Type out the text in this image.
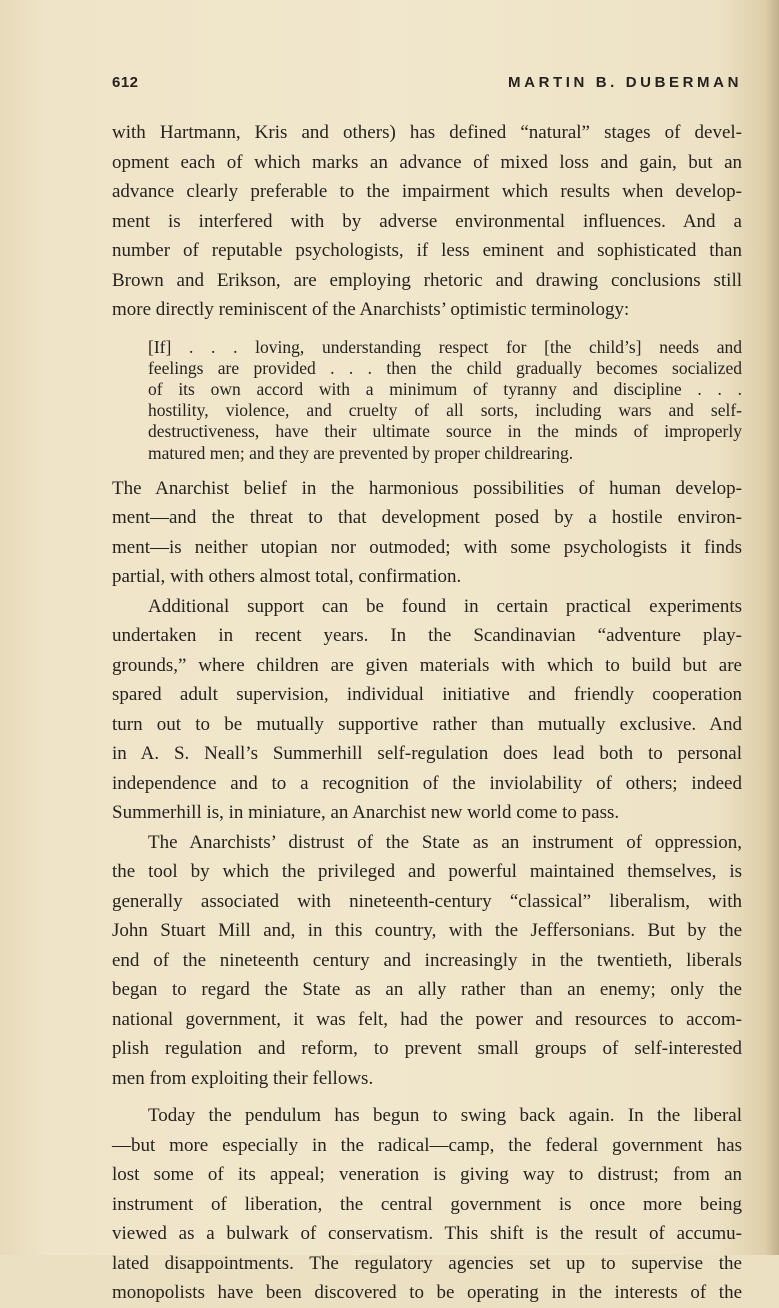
612	MARTIN B. DUBERMAN

with Hartmann, Kris and others) has defined “natural” stages of devel-
opment each of which marks an advance of mixed loss and gain, but an
advance clearly preferable to the impairment which results when develop-
ment is interfered with by adverse environmental influences. And a
number of reputable psychologists, if less eminent and sophisticated than
Brown and Erikson, are employing rhetoric and drawing conclusions still
more directly reminiscent of the Anarchists’ optimistic terminology:

[If] . . . loving, understanding respect for [the child’s] needs and
feelings are provided . . . then the child gradually becomes socialized
of its own accord with a minimum of tyranny and discipline . . .
hostility, violence, and cruelty of all sorts, including wars and self-
destructiveness, have their ultimate source in the minds of improperly
matured men; and they are prevented by proper childrearing.

The Anarchist belief in the harmonious possibilities of human develop-
ment—and the threat to that development posed by a hostile environ-
ment—is neither utopian nor outmoded; with some psychologists it finds
partial, with others almost total, confirmation.

Additional support can be found in certain practical experiments
undertaken in recent years. In the Scandinavian “adventure play-
grounds,” where children are given materials with which to build but are
spared adult supervision, individual initiative and friendly cooperation
turn out to be mutually supportive rather than mutually exclusive. And
in A. S. Neall’s Summerhill self-regulation does lead both to personal
independence and to a recognition of the inviolability of others; indeed
Summerhill is, in miniature, an Anarchist new world come to pass.

The Anarchists’ distrust of the State as an instrument of oppression,
the tool by which the privileged and powerful maintained themselves, is
generally associated with nineteenth-century “classical” liberalism, with
John Stuart Mill and, in this country, with the Jeffersonians. But by the
end of the nineteenth century and increasingly in the twentieth, liberals
began to regard the State as an ally rather than an enemy; only the
national government, it was felt, had the power and resources to accom-
plish regulation and reform, to prevent small groups of self-interested
men from exploiting their fellows.

Today the pendulum has begun to swing back again. In the liberal
—but more especially in the radical—camp, the federal government has
lost some of its appeal; veneration is giving way to distrust; from an
instrument of liberation, the central government is once more being
viewed as a bulwark of conservatism. This shift is the result of accumu-
lated disappointments. The regulatory agencies set up to supervise the
monopolists have been discovered to be operating in the interests of the
